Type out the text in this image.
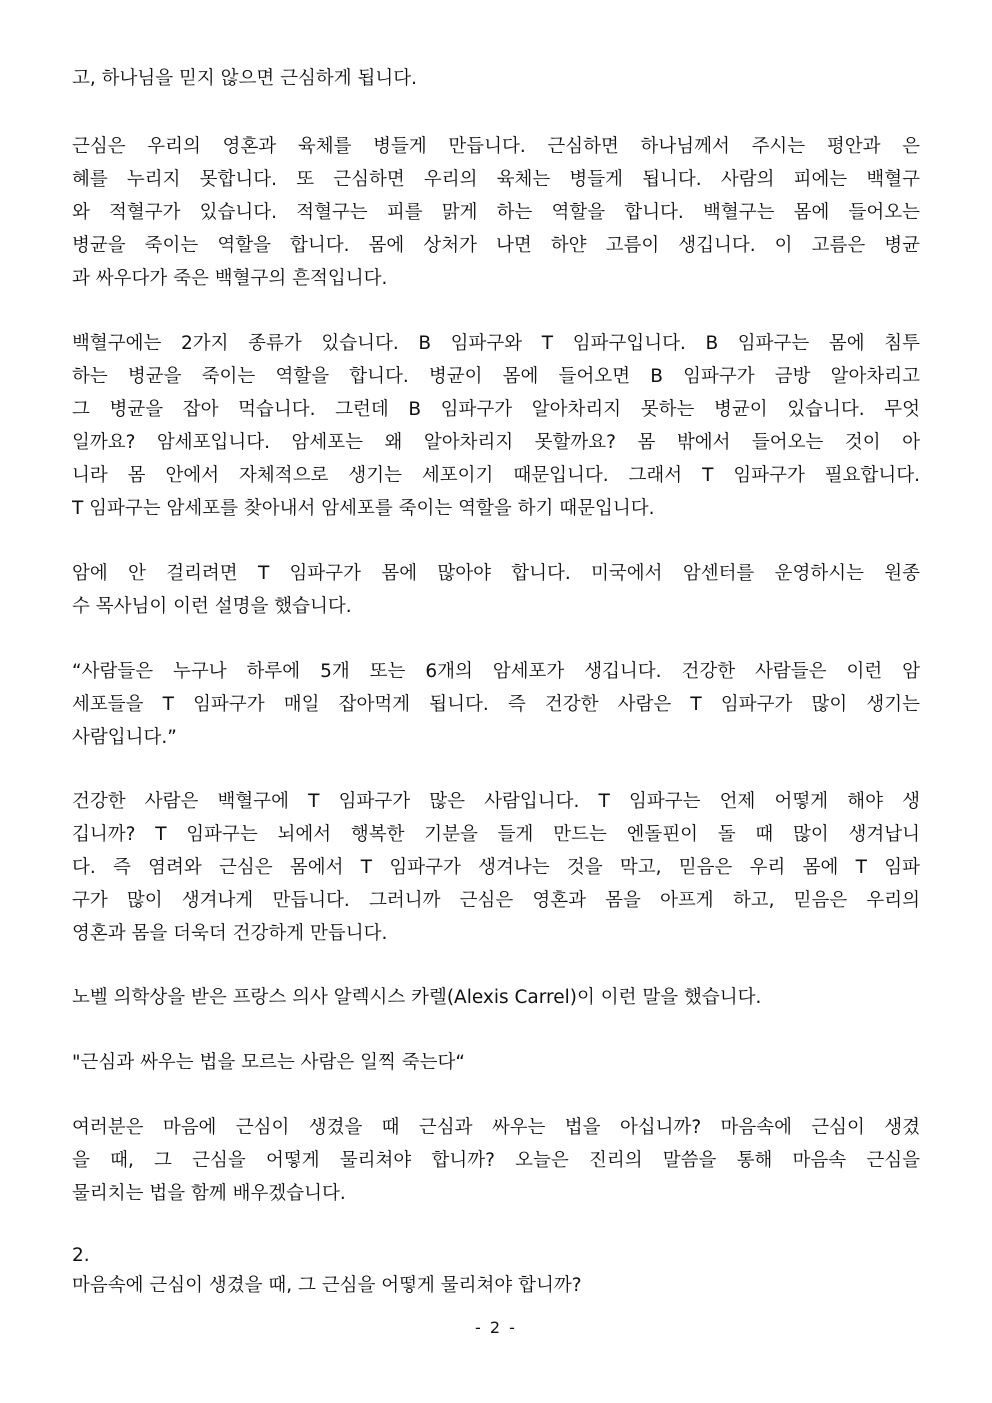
고, 하나님을 믿지 않으면 근심하게 됩니다.
근심은 우리의 영혼과 육체를 병들게 만듭니다. 근심하면 하나님께서 주시는 평안과 은
혜를 누리지 못합니다. 또 근심하면 우리의 육체는 병들게 됩니다. 사람의 피에는 백혈구
와 적혈구가 있습니다. 적혈구는 피를 맑게 하는 역할을 합니다. 백혈구는 몸에 들어오는
병균을 죽이는 역할을 합니다. 몸에 상처가 나면 하얀 고름이 생깁니다. 이 고름은 병균
과 싸우다가 죽은 백혈구의 흔적입니다.
백혈구에는 2가지 종류가 있습니다. B 임파구와 T 임파구입니다. B 임파구는 몸에 침투
하는 병균을 죽이는 역할을 합니다. 병균이 몸에 들어오면 B 임파구가 금방 알아차리고
그 병균을 잡아 먹습니다. 그런데 B 임파구가 알아차리지 못하는 병균이 있습니다. 무엇
일까요? 암세포입니다. 암세포는 왜 알아차리지 못할까요? 몸 밖에서 들어오는 것이 아
니라 몸 안에서 자체적으로 생기는 세포이기 때문입니다. 그래서 T 임파구가 필요합니다.
T 임파구는 암세포를 찾아내서 암세포를 죽이는 역할을 하기 때문입니다.
암에 안 걸리려면 T 임파구가 몸에 많아야 합니다. 미국에서 암센터를 운영하시는 원종
수 목사님이 이런 설명을 했습니다.
“사람들은 누구나 하루에 5개 또는 6개의 암세포가 생깁니다. 건강한 사람들은 이런 암
세포들을 T 임파구가 매일 잡아먹게 됩니다. 즉 건강한 사람은 T 임파구가 많이 생기는
사람입니다.”
건강한 사람은 백혈구에 T 임파구가 많은 사람입니다. T 임파구는 언제 어떻게 해야 생
깁니까? T 임파구는 뇌에서 행복한 기분을 들게 만드는 엔돌핀이 돌 때 많이 생겨납니
다. 즉 염려와 근심은 몸에서 T 임파구가 생겨나는 것을 막고, 믿음은 우리 몸에 T 임파
구가 많이 생겨나게 만듭니다. 그러니까 근심은 영혼과 몸을 아프게 하고, 믿음은 우리의
영혼과 몸을 더욱더 건강하게 만듭니다.
노벨 의학상을 받은 프랑스 의사 알렉시스 카렐(Alexis Carrel)이 이런 말을 했습니다.
"근심과 싸우는 법을 모르는 사람은 일찍 죽는다“
여러분은 마음에 근심이 생겼을 때 근심과 싸우는 법을 아십니까? 마음속에 근심이 생겼
을 때, 그 근심을 어떻게 물리쳐야 합니까? 오늘은 진리의 말씀을 통해 마음속 근심을
물리치는 법을 함께 배우겠습니다.
2.
마음속에 근심이 생겼을 때, 그 근심을 어떻게 물리쳐야 합니까?
- 2 -
